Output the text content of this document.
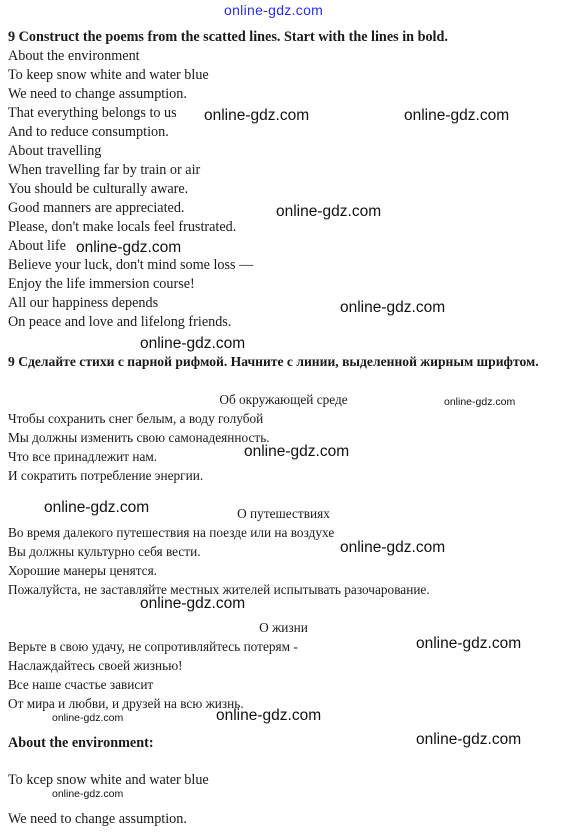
online-gdz.com
9 Construct the poems from the scatted lines. Start with the lines in bold.
About the environment
To keep snow white and water blue
We need to change assumption.
That everything belongs to us
And to reduce consumption.
About travelling
When travelling far by train or air
You should be culturally aware.
Good manners are appreciated.
Please, don't make locals feel frustrated.
About life
Believe your luck, don't mind some loss —
Enjoy the life immersion course!
All our happiness depends
On peace and love and lifelong friends.
9 Сделайте стихи с парной рифмой. Начните с линии, выделенной жирным шрифтом.
Об окружающей среде
Чтобы сохранить снег белым, а воду голубой
Мы должны изменить свою самонадеянность.
Что все принадлежит нам.
И сократить потребление энергии.
О путешествиях
Во время далекого путешествия на поезде или на воздухе
Вы должны культурно себя вести.
Хорошие манеры ценятся.
Пожалуйста, не заставляйте местных жителей испытывать разочарование.
О жизни
Верьте в свою удачу, не сопротивляйтесь потерям -
Наслаждайтесь своей жизнью!
Все наше счастье зависит
От мира и любви, и друзей на всю жизнь.
About the environment:
To kcep snow white and water blue
We need to change assumption.
online-gdz.com	online-gdz.com
online-gdz.com
online-gdz.com
online-gdz.com
online-gdz.com
online-gdz.com
online-gdz.com
online-gdz.com
online-gdz.com
online-gdz.com
online-gdz.com
online-gdz.com	online-gdz.com
online-gdz.com
online-gdz.com
